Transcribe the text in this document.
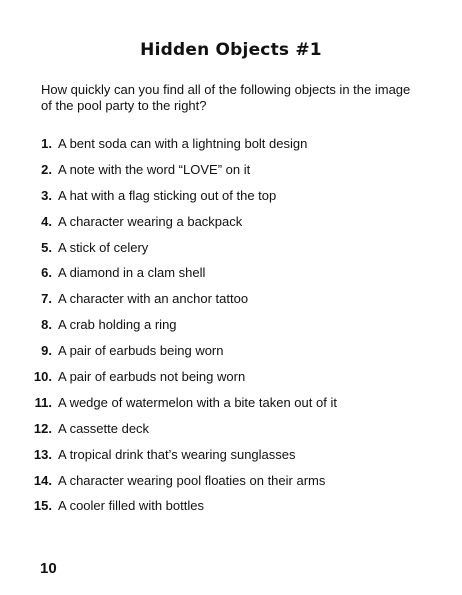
Hidden Objects #1
How quickly can you find all of the following objects in the image of the pool party to the right?
1. A bent soda can with a lightning bolt design
2. A note with the word “LOVE” on it
3. A hat with a flag sticking out of the top
4. A character wearing a backpack
5. A stick of celery
6. A diamond in a clam shell
7. A character with an anchor tattoo
8. A crab holding a ring
9. A pair of earbuds being worn
10. A pair of earbuds not being worn
11. A wedge of watermelon with a bite taken out of it
12. A cassette deck
13. A tropical drink that’s wearing sunglasses
14. A character wearing pool floaties on their arms
15. A cooler filled with bottles
10
